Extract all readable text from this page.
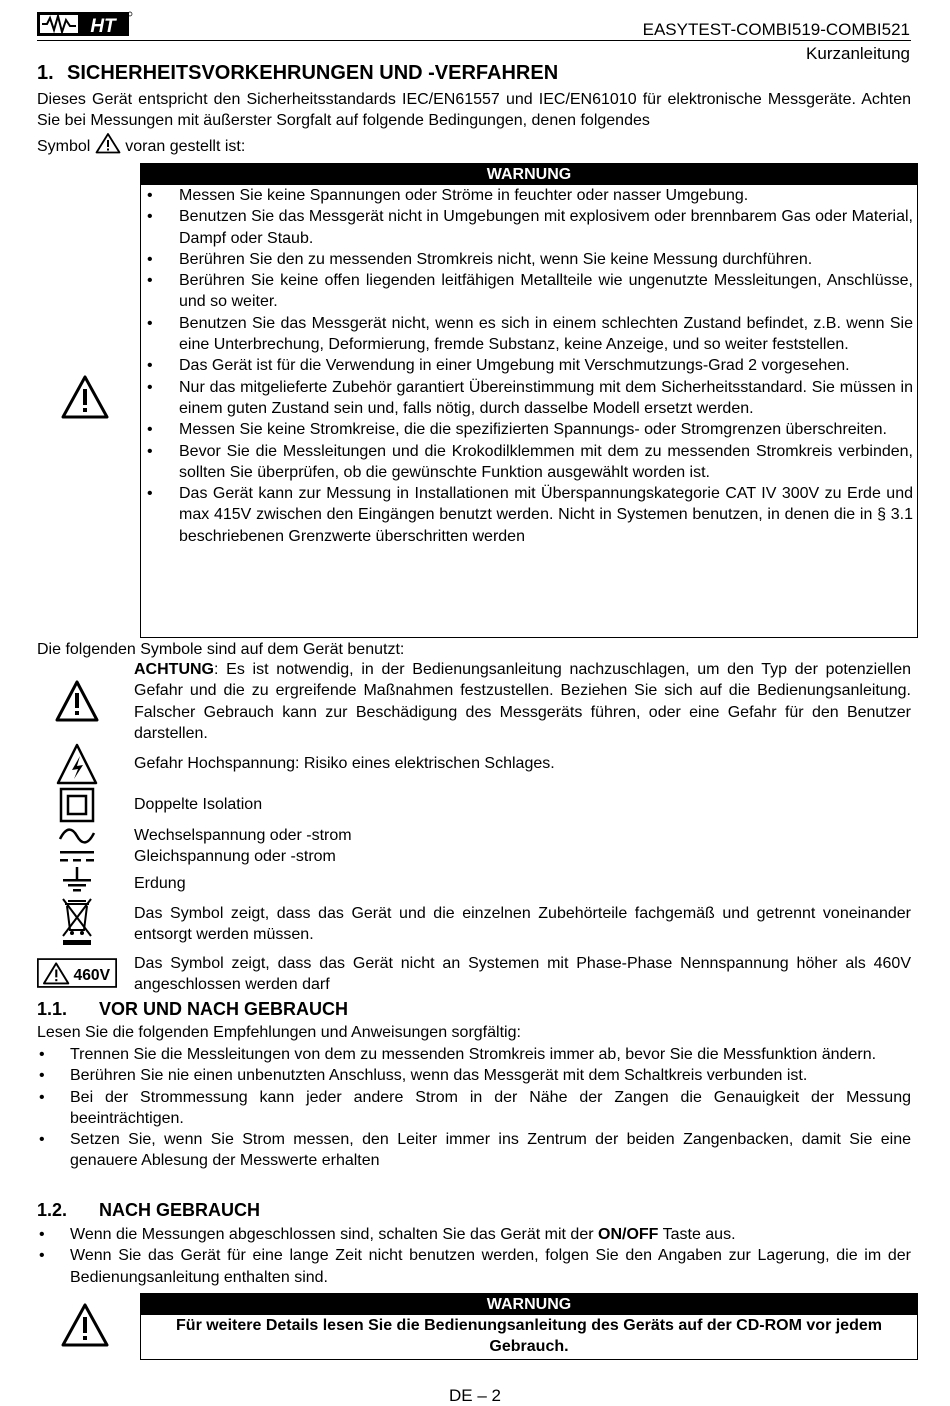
HT	EASYTEST-COMBI519-COMBI521
Kurzanleitung
1. SICHERHEITSVORKEHRUNGEN UND -VERFAHREN
Dieses Gerät entspricht den Sicherheitsstandards IEC/EN61557 und IEC/EN61010 für elektronische Messgeräte. Achten Sie bei Messungen mit äußerster Sorgfalt auf folgende Bedingungen, denen folgendes
Symbol voran gestellt ist:
WARNUNG
• Messen Sie keine Spannungen oder Ströme in feuchter oder nasser Umgebung.
• Benutzen Sie das Messgerät nicht in Umgebungen mit explosivem oder brennbarem Gas oder Material, Dampf oder Staub.
• Berühren Sie den zu messenden Stromkreis nicht, wenn Sie keine Messung durchführen.
• Berühren Sie keine offen liegenden leitfähigen Metallteile wie ungenutzte Messleitungen, Anschlüsse, und so weiter.
• Benutzen Sie das Messgerät nicht, wenn es sich in einem schlechten Zustand befindet, z.B. wenn Sie eine Unterbrechung, Deformierung, fremde Substanz, keine Anzeige, und so weiter feststellen.
• Das Gerät ist für die Verwendung in einer Umgebung mit Verschmutzungs-Grad 2 vorgesehen.
• Nur das mitgelieferte Zubehör garantiert Übereinstimmung mit dem Sicherheitsstandard. Sie müssen in einem guten Zustand sein und, falls nötig, durch dasselbe Modell ersetzt werden.
• Messen Sie keine Stromkreise, die die spezifizierten Spannungs- oder Stromgrenzen überschreiten.
• Bevor Sie die Messleitungen und die Krokodilklemmen mit dem zu messenden Stromkreis verbinden, sollten Sie überprüfen, ob die gewünschte Funktion ausgewählt worden ist.
• Das Gerät kann zur Messung in Installationen mit Überspannungskategorie CAT IV 300V zu Erde und max 415V zwischen den Eingängen benutzt werden. Nicht in Systemen benutzen, in denen die in § 3.1 beschriebenen Grenzwerte überschritten werden
Die folgenden Symbole sind auf dem Gerät benutzt:
ACHTUNG: Es ist notwendig, in der Bedienungsanleitung nachzuschlagen, um den Typ der potenziellen Gefahr und die zu ergreifende Maßnahmen festzustellen. Beziehen Sie sich auf die Bedienungsanleitung. Falscher Gebrauch kann zur Beschädigung des Messgeräts führen, oder eine Gefahr für den Benutzer darstellen.
Gefahr Hochspannung: Risiko eines elektrischen Schlages.
Doppelte Isolation
Wechselspannung oder -strom
Gleichspannung oder -strom
Erdung
Das Symbol zeigt, dass das Gerät und die einzelnen Zubehörteile fachgemäß und getrennt voneinander entsorgt werden müssen.
460V
Das Symbol zeigt, dass das Gerät nicht an Systemen mit Phase-Phase Nennspannung höher als 460V angeschlossen werden darf
1.1. VOR UND NACH GEBRAUCH
Lesen Sie die folgenden Empfehlungen und Anweisungen sorgfältig:
• Trennen Sie die Messleitungen von dem zu messenden Stromkreis immer ab, bevor Sie die Messfunktion ändern.
• Berühren Sie nie einen unbenutzten Anschluss, wenn das Messgerät mit dem Schaltkreis verbunden ist.
• Bei der Strommessung kann jeder andere Strom in der Nähe der Zangen die Genauigkeit der Messung beeinträchtigen.
• Setzen Sie, wenn Sie Strom messen, den Leiter immer ins Zentrum der beiden Zangenbacken, damit Sie eine genauere Ablesung der Messwerte erhalten
1.2. NACH GEBRAUCH
• Wenn die Messungen abgeschlossen sind, schalten Sie das Gerät mit der ON/OFF Taste aus.
• Wenn Sie das Gerät für eine lange Zeit nicht benutzen werden, folgen Sie den Angaben zur Lagerung, die im der Bedienungsanleitung enthalten sind.
WARNUNG
Für weitere Details lesen Sie die Bedienungsanleitung des Geräts auf der CD-ROM vor jedem Gebrauch.
DE – 2
